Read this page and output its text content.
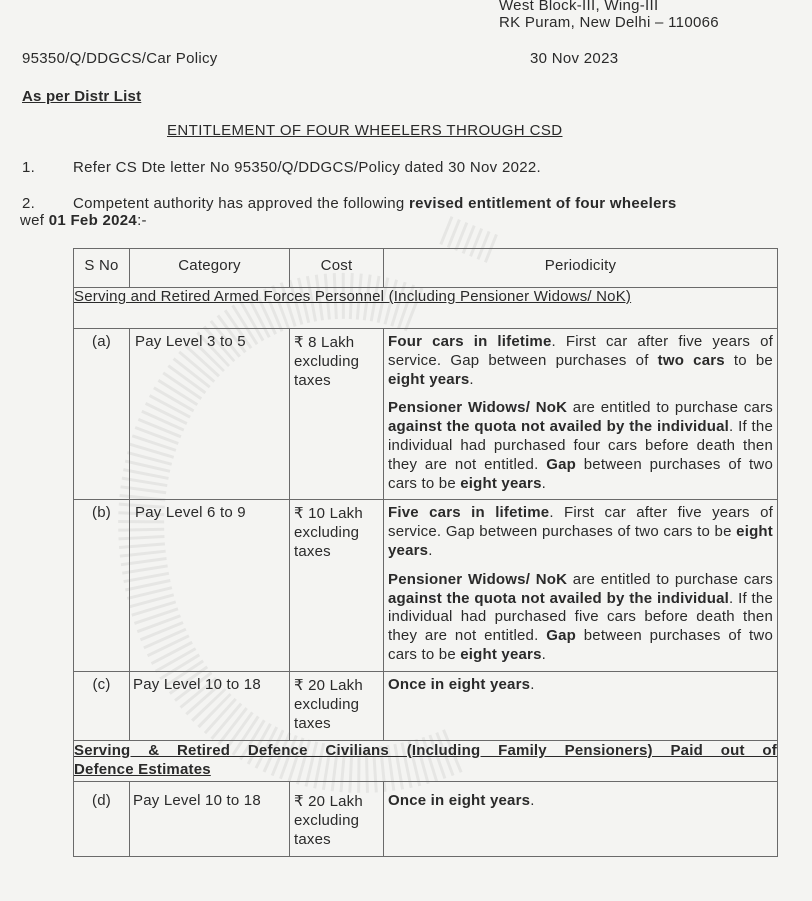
West Block-III, Wing-III
RK Puram, New Delhi – 110066
95350/Q/DDGCS/Car Policy	30 Nov 2023
As per Distr List
ENTITLEMENT OF FOUR WHEELERS THROUGH CSD
1.	Refer CS Dte letter No 95350/Q/DDGCS/Policy dated 30 Nov 2022.
2.	Competent authority has approved the following revised entitlement of four wheelers
wef 01 Feb 2024:-
S No	Category	Cost	Periodicity
Serving and Retired Armed Forces Personnel (Including Pensioner Widows/ NoK)			
(a)	Pay Level 3 to 5	₹ 8 Lakh excluding taxes	Four cars in lifetime. First car after five years of service. Gap between purchases of two cars to be eight years.

Pensioner Widows/ NoK are entitled to purchase cars against the quota not availed by the individual. If the individual had purchased four cars before death then they are not entitled. Gap between purchases of two cars to be eight years.

(b)	Pay Level 6 to 9	₹ 10 Lakh excluding taxes	Five cars in lifetime. First car after five years of service. Gap between purchases of two cars to be eight years.

Pensioner Widows/ NoK are entitled to purchase cars against the quota not availed by the individual. If the individual had purchased five cars before death then they are not entitled. Gap between purchases of two cars to be eight years.

(c)	Pay Level 10 to 18	₹ 20 Lakh excluding taxes	Once in eight years.

Serving & Retired Defence Civilians (Including Family Pensioners) Paid out of
Defence Estimates			

(d)	Pay Level 10 to 18	₹ 20 Lakh excluding taxes	Once in eight years.
